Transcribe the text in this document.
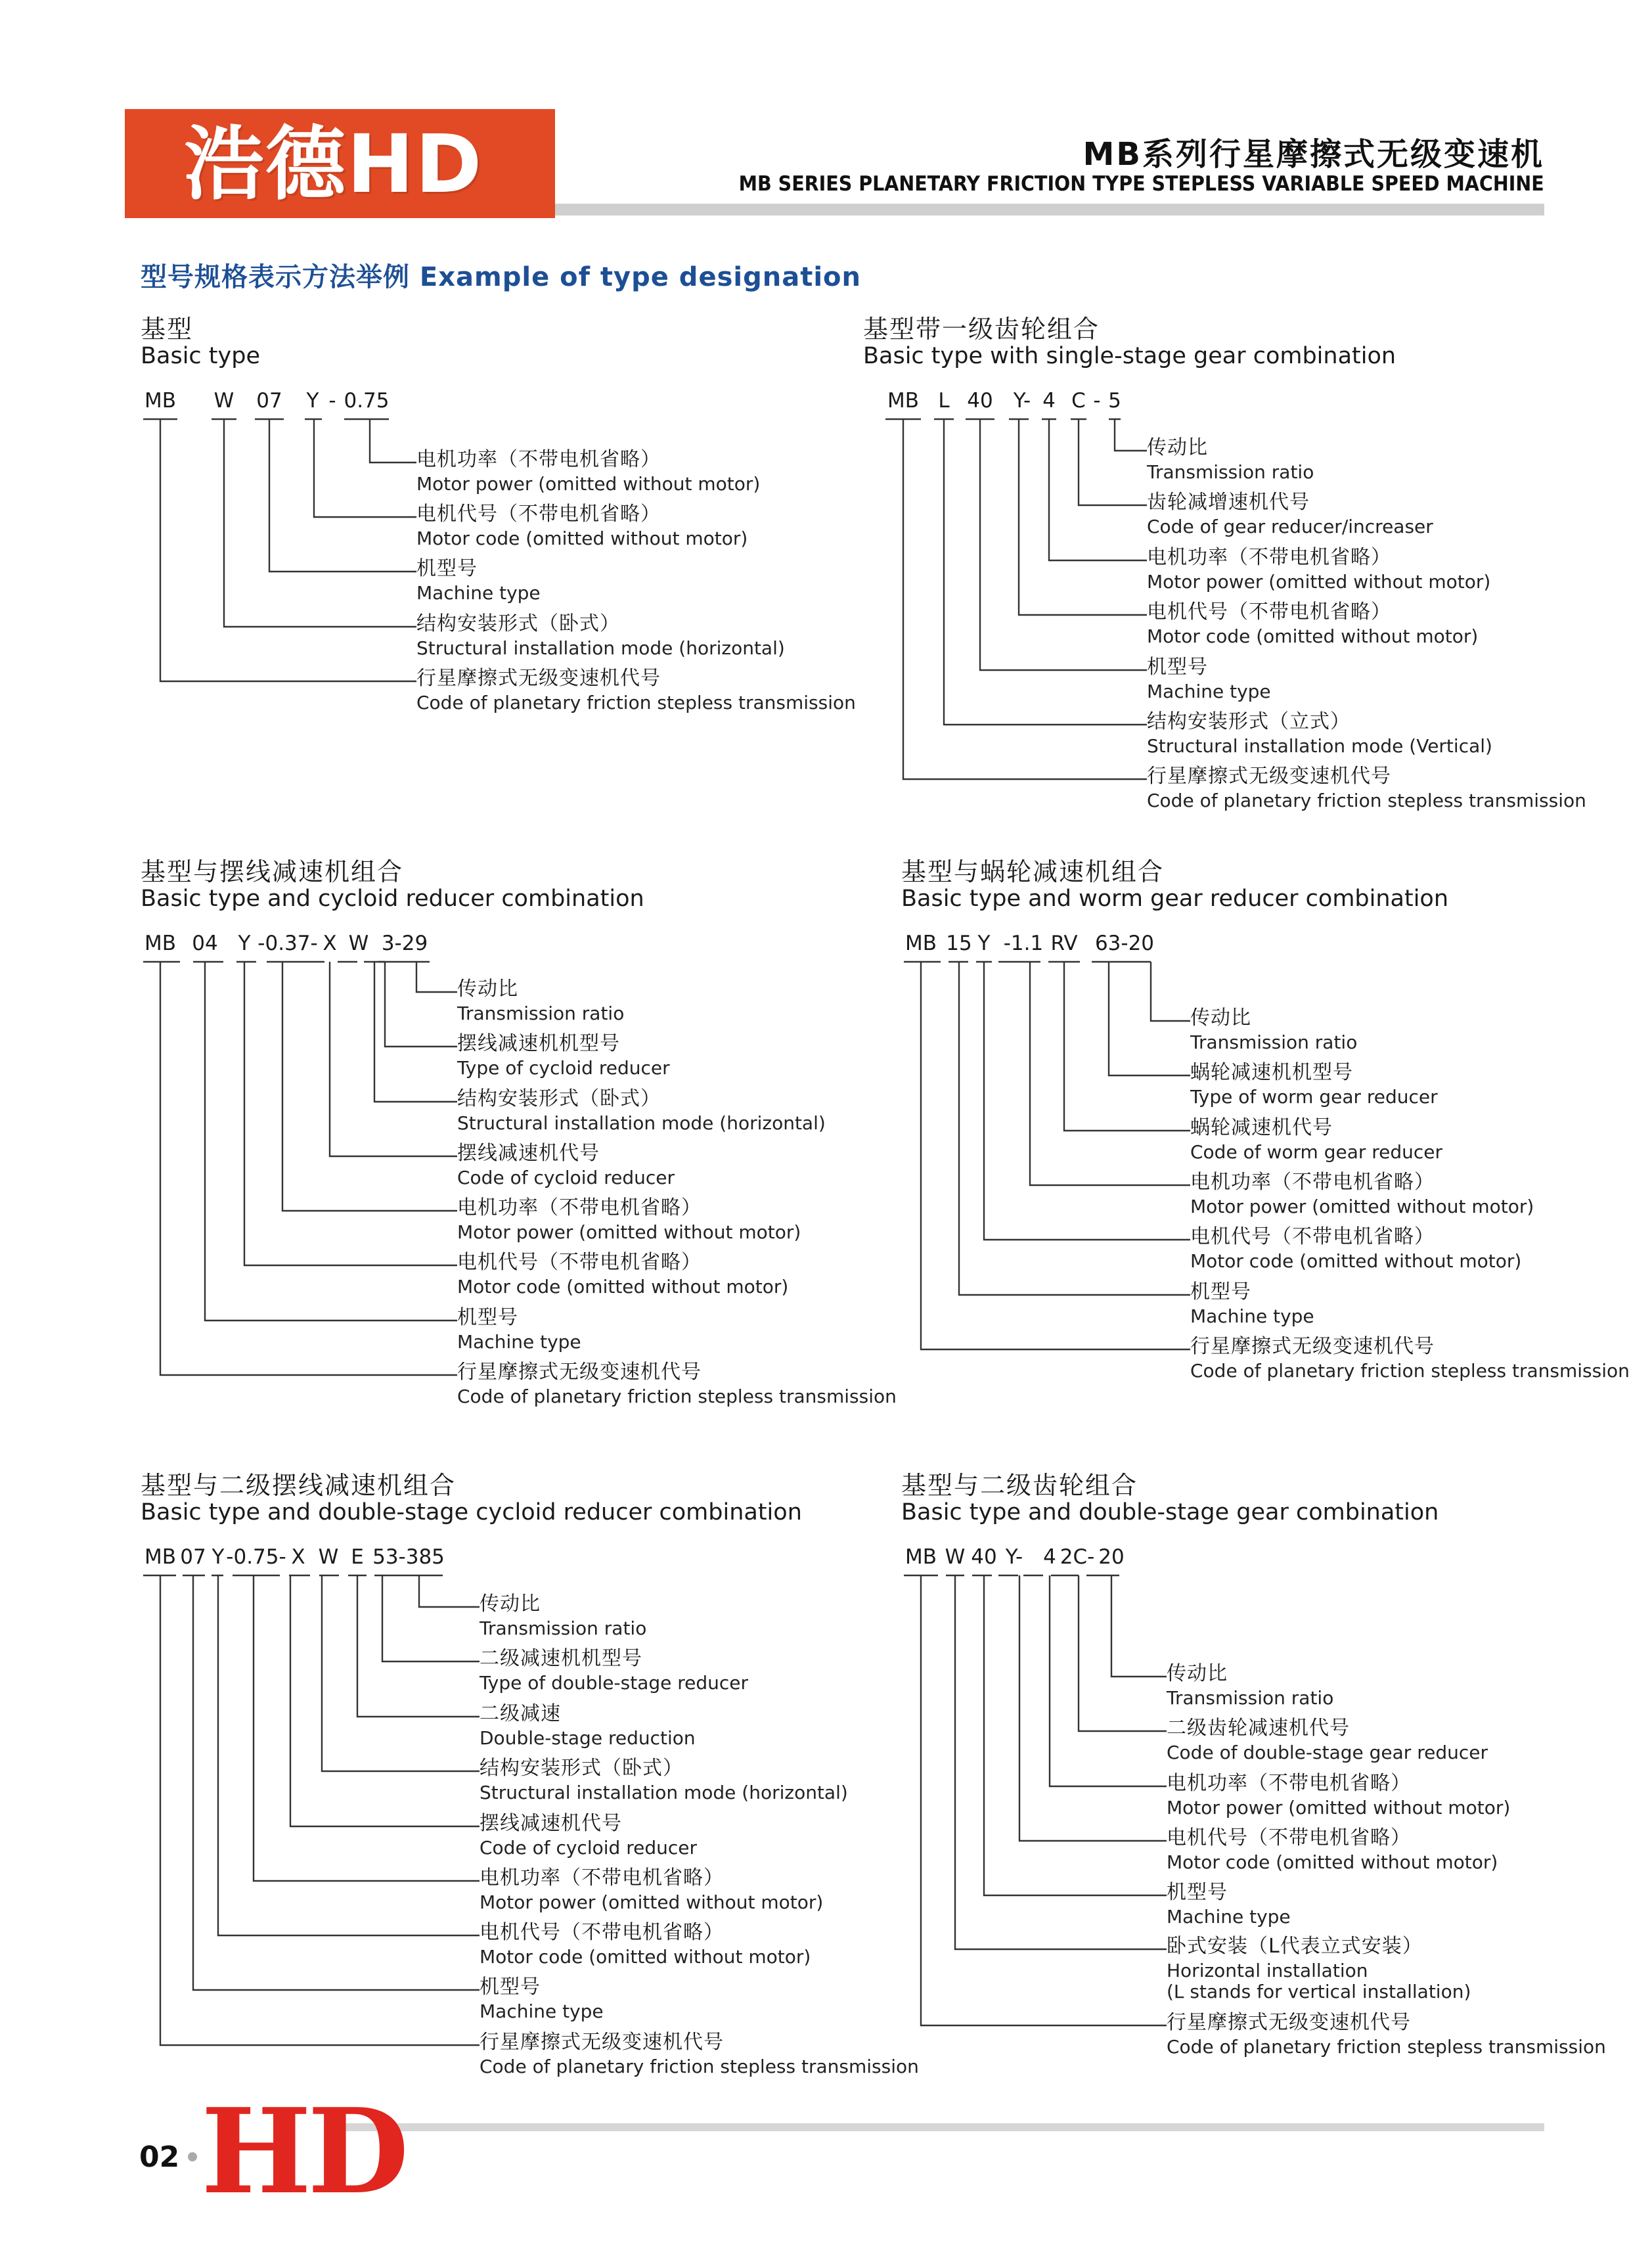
浩德HD	MB系列行星摩擦式无级变速机
MB SERIES PLANETARY FRICTION TYPE STEPLESS VARIABLE SPEED MACHINE
型号规格表示方法举例 Example of type designation
基型
Basic type
MB W 07 Y - 0.75
电机功率（不带电机省略）
Motor power (omitted without motor)
电机代号（不带电机省略）
Motor code (omitted without motor)
机型号
Machine type
结构安装形式（卧式）
Structural installation mode (horizontal)
行星摩擦式无级变速机代号
Code of planetary friction stepless transmission
基型带一级齿轮组合
Basic type with single-stage gear combination
MB L 40 Y- 4 C - 5
传动比
Transmission ratio
齿轮减增速机代号
Code of gear reducer/increaser
电机功率（不带电机省略）
Motor power (omitted without motor)
电机代号（不带电机省略）
Motor code (omitted without motor)
机型号
Machine type
结构安装形式（立式）
Structural installation mode (Vertical)
行星摩擦式无级变速机代号
Code of planetary friction stepless transmission
基型与摆线减速机组合
Basic type and cycloid reducer combination
MB 04 Y -0.37- X W 3-29
传动比
Transmission ratio
摆线减速机机型号
Type of cycloid reducer
结构安装形式（卧式）
Structural installation mode (horizontal)
摆线减速机代号
Code of cycloid reducer
电机功率（不带电机省略）
Motor power (omitted without motor)
电机代号（不带电机省略）
Motor code (omitted without motor)
机型号
Machine type
行星摩擦式无级变速机代号
Code of planetary friction stepless transmission
基型与蜗轮减速机组合
Basic type and worm gear reducer combination
MB 15 Y -1.1 RV 63-20
传动比
Transmission ratio
蜗轮减速机机型号
Type of worm gear reducer
蜗轮减速机代号
Code of worm gear reducer
电机功率（不带电机省略）
Motor power (omitted without motor)
电机代号（不带电机省略）
Motor code (omitted without motor)
机型号
Machine type
行星摩擦式无级变速机代号
Code of planetary friction stepless transmission
基型与二级摆线减速机组合
Basic type and double-stage cycloid reducer combination
MB 07 Y -0.75- X W E 53-385
传动比
Transmission ratio
二级减速机机型号
Type of double-stage reducer
二级减速
Double-stage reduction
结构安装形式（卧式）
Structural installation mode (horizontal)
摆线减速机代号
Code of cycloid reducer
电机功率（不带电机省略）
Motor power (omitted without motor)
电机代号（不带电机省略）
Motor code (omitted without motor)
机型号
Machine type
行星摩擦式无级变速机代号
Code of planetary friction stepless transmission
基型与二级齿轮组合
Basic type and double-stage gear combination
MB W 40 Y- 4 2C- 20
传动比
Transmission ratio
二级齿轮减速机代号
Code of double-stage gear reducer
电机功率（不带电机省略）
Motor power (omitted without motor)
电机代号（不带电机省略）
Motor code (omitted without motor)
机型号
Machine type
卧式安装（L代表立式安装）
Horizontal installation
(L stands for vertical installation)
行星摩擦式无级变速机代号
Code of planetary friction stepless transmission
02 HD
